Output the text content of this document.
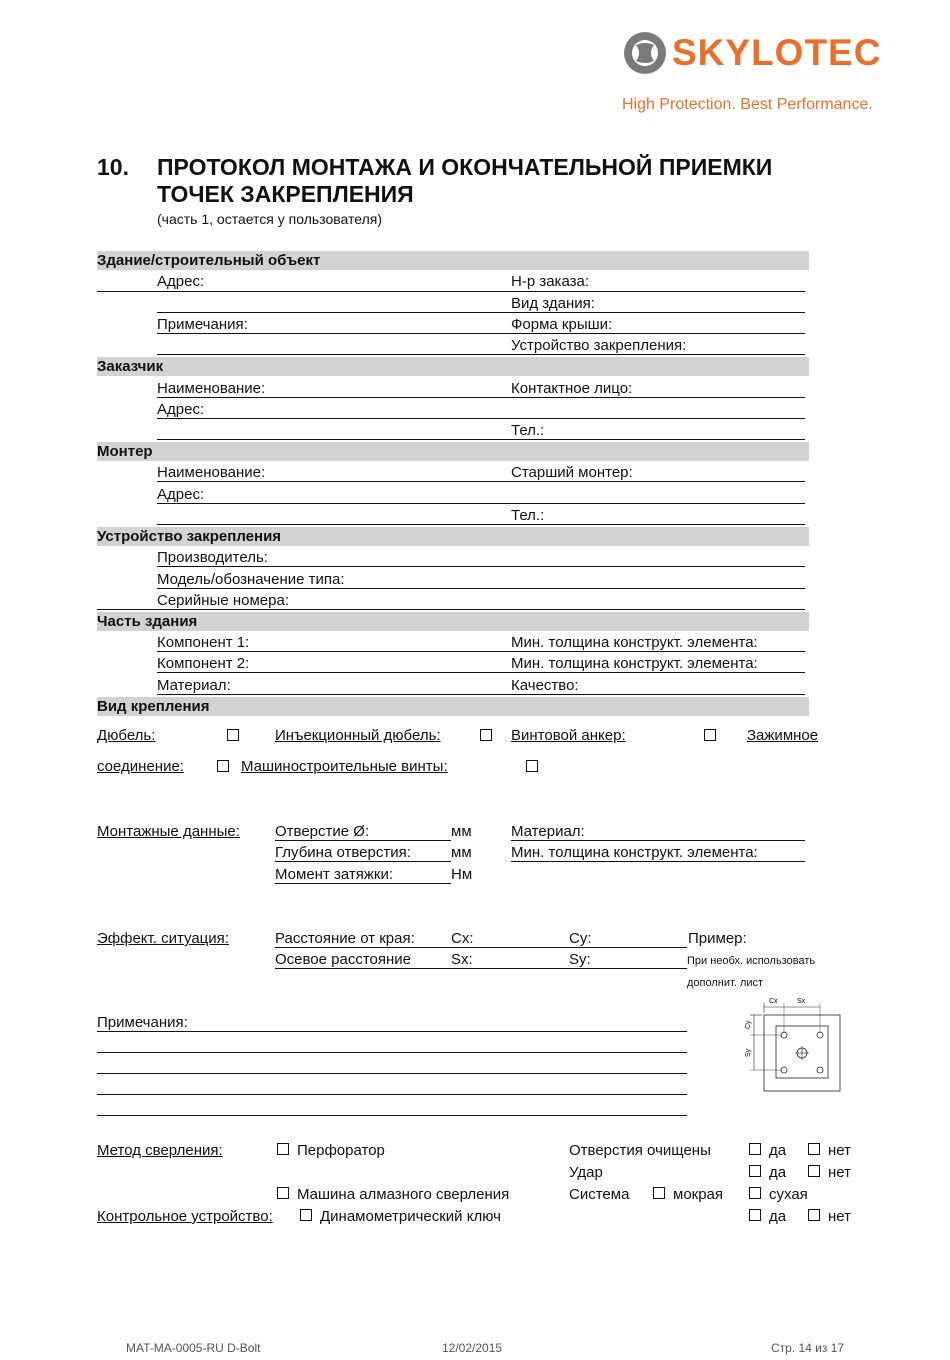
SKYLOTEC
High Protection. Best Performance.
10. ПРОТОКОЛ МОНТАЖА И ОКОНЧАТЕЛЬНОЙ ПРИЕМКИ
ТОЧЕК ЗАКРЕПЛЕНИЯ
(часть 1, остается у пользователя)
Здание/строительный объект
Адрес:	Н-р заказа:
Вид здания:
Примечания:	Форма крыши:
Устройство закрепления:
Заказчик
Наименование:	Контактное лицо:
Адрес:
Тел.:
Монтер
Наименование:	Старший монтер:
Адрес:
Тел.:
Устройство закрепления
Производитель:
Модель/обозначение типа:
Серийные номера:
Часть здания
Компонент 1:	Мин. толщина конструкт. элемента:
Компонент 2:	Мин. толщина конструкт. элемента:
Материал:	Качество:
Вид крепления
Дюбель:	Инъекционный дюбель:	Винтовой анкер:	Зажимное
соединение:	Машиностроительные винты:
Монтажные данные: Отверстие Ø:	мм	Материал:
Глубина отверстия:	мм	Мин. толщина конструкт. элемента:
Момент затяжки:	Нм
Эффект. ситуация:	Расстояние от края: Cx:	Cy:	Пример:
Осевое расстояние	Sx:	Sy:	При необх. использовать
дополнит. лист
Cx	Sx
Cy
Sy
Примечания:
Метод сверления:	Перфоратор	Отверстия очищены	да	нет
Удар	да	нет
Машина алмазного сверления	Система	мокрая	сухая
Контрольное устройство:	Динамометрический ключ	да	нет
MAT-MA-0005-RU D-Bolt	12/02/2015	Стр. 14 из 17
